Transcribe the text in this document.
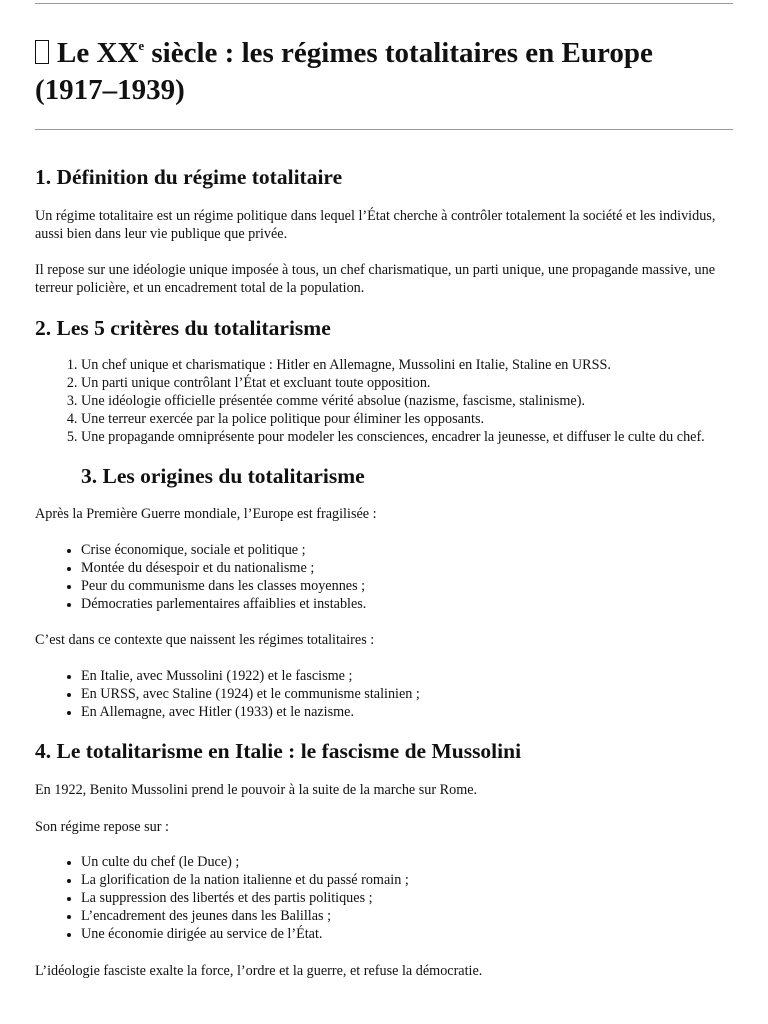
Le XXe siècle : les régimes totalitaires en Europe (1917–1939)
1. Définition du régime totalitaire

Un régime totalitaire est un régime politique dans lequel l’État cherche à contrôler totalement la société et les individus, aussi bien dans leur vie publique que privée.

Il repose sur une idéologie unique imposée à tous, un chef charismatique, un parti unique, une propagande massive, une terreur policière, et un encadrement total de la population.

2. Les 5 critères du totalitarisme
1. Un chef unique et charismatique : Hitler en Allemagne, Mussolini en Italie, Staline en URSS.
2. Un parti unique contrôlant l’État et excluant toute opposition.
3. Une idéologie officielle présentée comme vérité absolue (nazisme, fascisme, stalinisme).
4. Une terreur exercée par la police politique pour éliminer les opposants.
5. Une propagande omniprésente pour modeler les consciences, encadrer la jeunesse, et diffuser le culte du chef.
3. Les origines du totalitarisme

Après la Première Guerre mondiale, l’Europe est fragilisée :

• Crise économique, sociale et politique ;
• Montée du désespoir et du nationalisme ;
• Peur du communisme dans les classes moyennes ;
• Démocraties parlementaires affaiblies et instables.

C’est dans ce contexte que naissent les régimes totalitaires :

• En Italie, avec Mussolini (1922) et le fascisme ;
• En URSS, avec Staline (1924) et le communisme stalinien ;
• En Allemagne, avec Hitler (1933) et le nazisme.
4. Le totalitarisme en Italie : le fascisme de Mussolini

En 1922, Benito Mussolini prend le pouvoir à la suite de la marche sur Rome.

Son régime repose sur :

• Un culte du chef (le Duce) ;
• La glorification de la nation italienne et du passé romain ;
• La suppression des libertés et des partis politiques ;
• L’encadrement des jeunes dans les Balillas ;
• Une économie dirigée au service de l’État.

L’idéologie fasciste exalte la force, l’ordre et la guerre, et refuse la démocratie.
